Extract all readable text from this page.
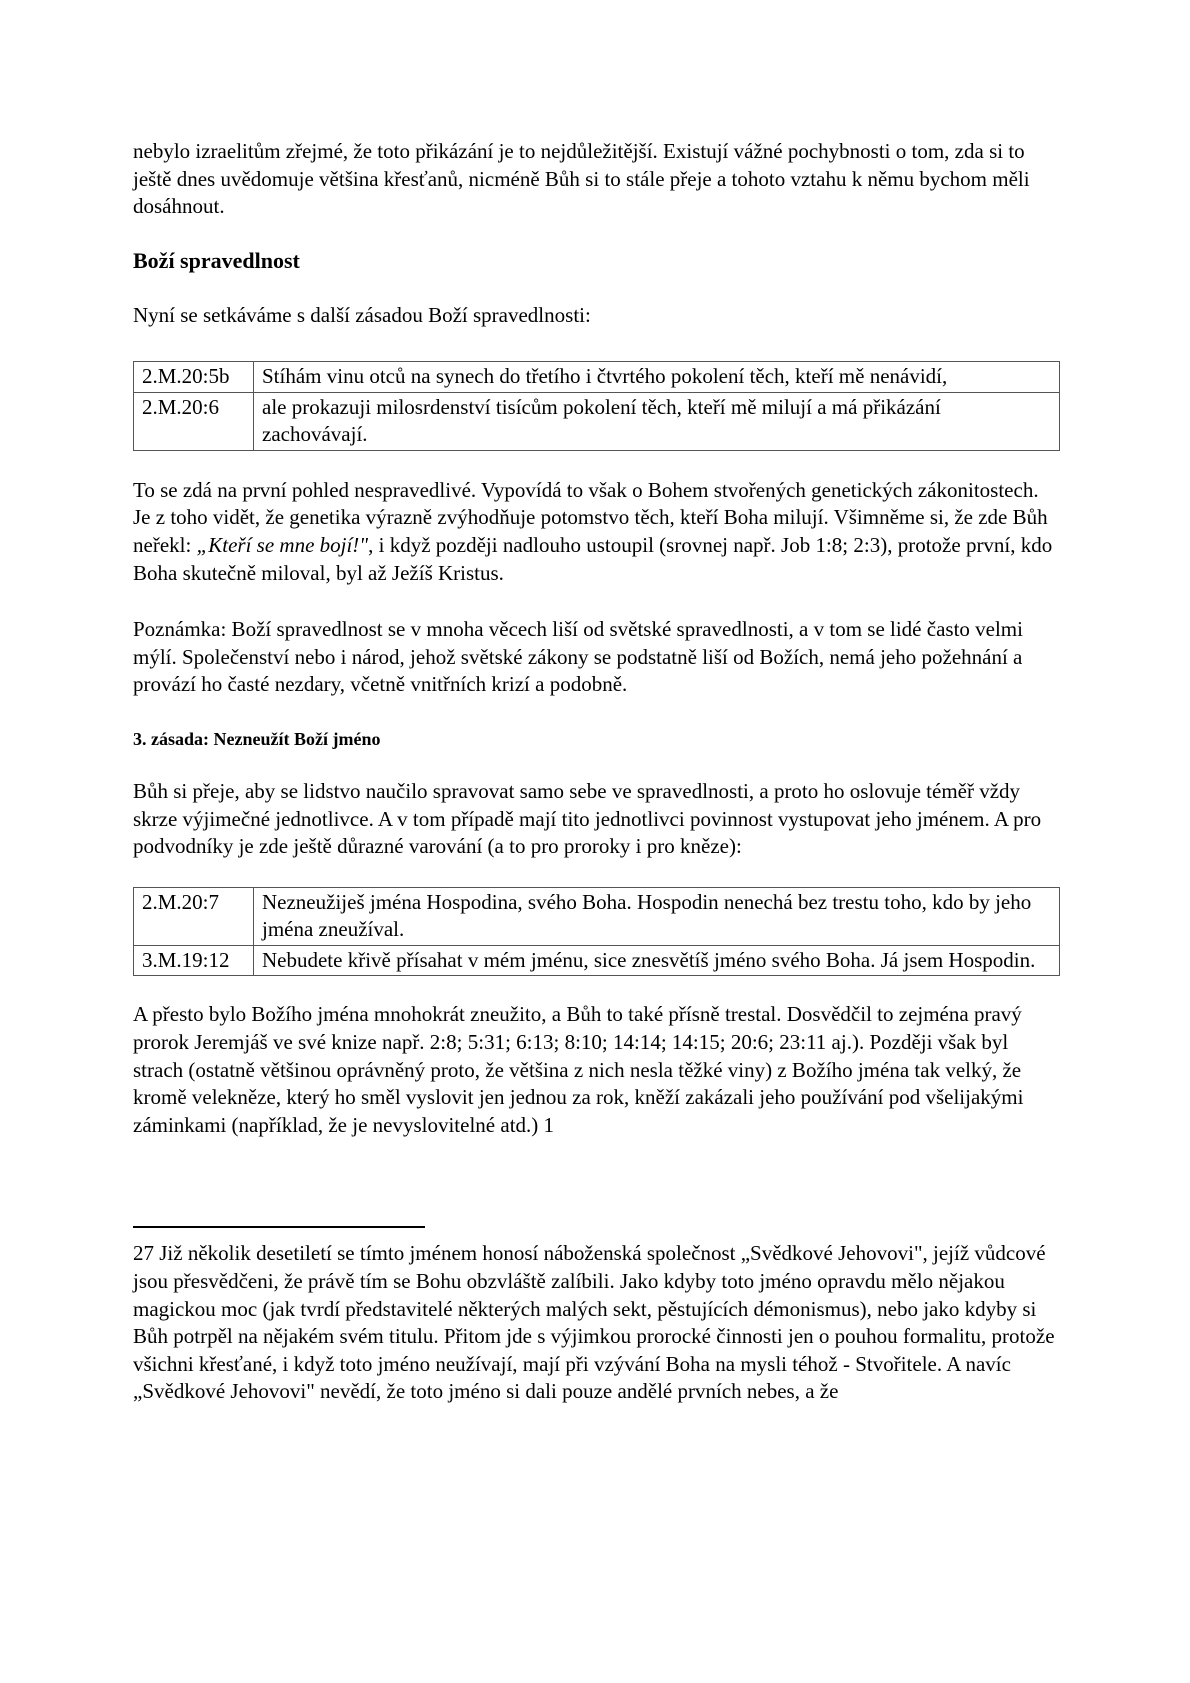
nebylo izraelitům zřejmé, že toto přikázání je to nejdůležitější. Existují vážné pochybnosti o tom, zda si to ještě dnes uvědomuje většina křesťanů, nicméně Bůh si to stále přeje a tohoto vztahu k němu bychom měli dosáhnout.

Boží spravedlnost

Nyní se setkáváme s další zásadou Boží spravedlnosti:

2.M.20:5b	Stíhám vinu otců na synech do třetího i čtvrtého pokolení těch, kteří mě nenávidí,
2.M.20:6	ale prokazuji milosrdenství tisícům pokolení těch, kteří mě milují a má přikázání zachovávají.

To se zdá na první pohled nespravedlivé. Vypovídá to však o Bohem stvořených genetických zákonitostech. Je z toho vidět, že genetika výrazně zvýhodňuje potomstvo těch, kteří Boha milují. Všimněme si, že zde Bůh neřekl: „Kteří se mne bojí!", i když později nadlouho ustoupil (srovnej např. Job 1:8; 2:3), protože první, kdo Boha skutečně miloval, byl až Ježíš Kristus.

Poznámka: Boží spravedlnost se v mnoha věcech liší od světské spravedlnosti, a v tom se lidé často velmi mýlí. Společenství nebo i národ, jehož světské zákony se podstatně liší od Božích, nemá jeho požehnání a provází ho časté nezdary, včetně vnitřních krizí a podobně.

3. zásada: Nezneužít Boží jméno

Bůh si přeje, aby se lidstvo naučilo spravovat samo sebe ve spravedlnosti, a proto ho oslovuje téměř vždy skrze výjimečné jednotlivce. A v tom případě mají tito jednotlivci povinnost vystupovat jeho jménem. A pro podvodníky je zde ještě důrazné varování (a to pro proroky i pro kněze):

2.M.20:7	Nezneužiješ jména Hospodina, svého Boha. Hospodin nenechá bez trestu toho, kdo by jeho jména zneužíval.
3.M.19:12	Nebudete křivě přísahat v mém jménu, sice znesvětíš jméno svého Boha. Já jsem Hospodin.

A přesto bylo Božího jména mnohokrát zneužito, a Bůh to také přísně trestal. Dosvědčil to zejména pravý prorok Jeremjáš ve své knize např. 2:8; 5:31; 6:13; 8:10; 14:14; 14:15; 20:6; 23:11 aj.). Později však byl strach (ostatně většinou oprávněný proto, že většina z nich nesla těžké viny) z Božího jména tak velký, že kromě velekněze, který ho směl vyslovit jen jednou za rok, kněží zakázali jeho používání pod všelijakými záminkami (například, že je nevyslovitelné atd.) 1

27 Již několik desetiletí se tímto jménem honosí náboženská společnost „Svědkové Jehovovi", jejíž vůdcové jsou přesvědčeni, že právě tím se Bohu obzvláště zalíbili. Jako kdyby toto jméno opravdu mělo nějakou magickou moc (jak tvrdí představitelé některých malých sekt, pěstujících démonismus), nebo jako kdyby si Bůh potrpěl na nějakém svém titulu. Přitom jde s výjimkou prorocké činnosti jen o pouhou formalitu, protože všichni křesťané, i když toto jméno neužívají, mají při vzývání Boha na mysli téhož - Stvořitele. A navíc „Svědkové Jehovovi" nevědí, že toto jméno si dali pouze andělé prvních nebes, a že
